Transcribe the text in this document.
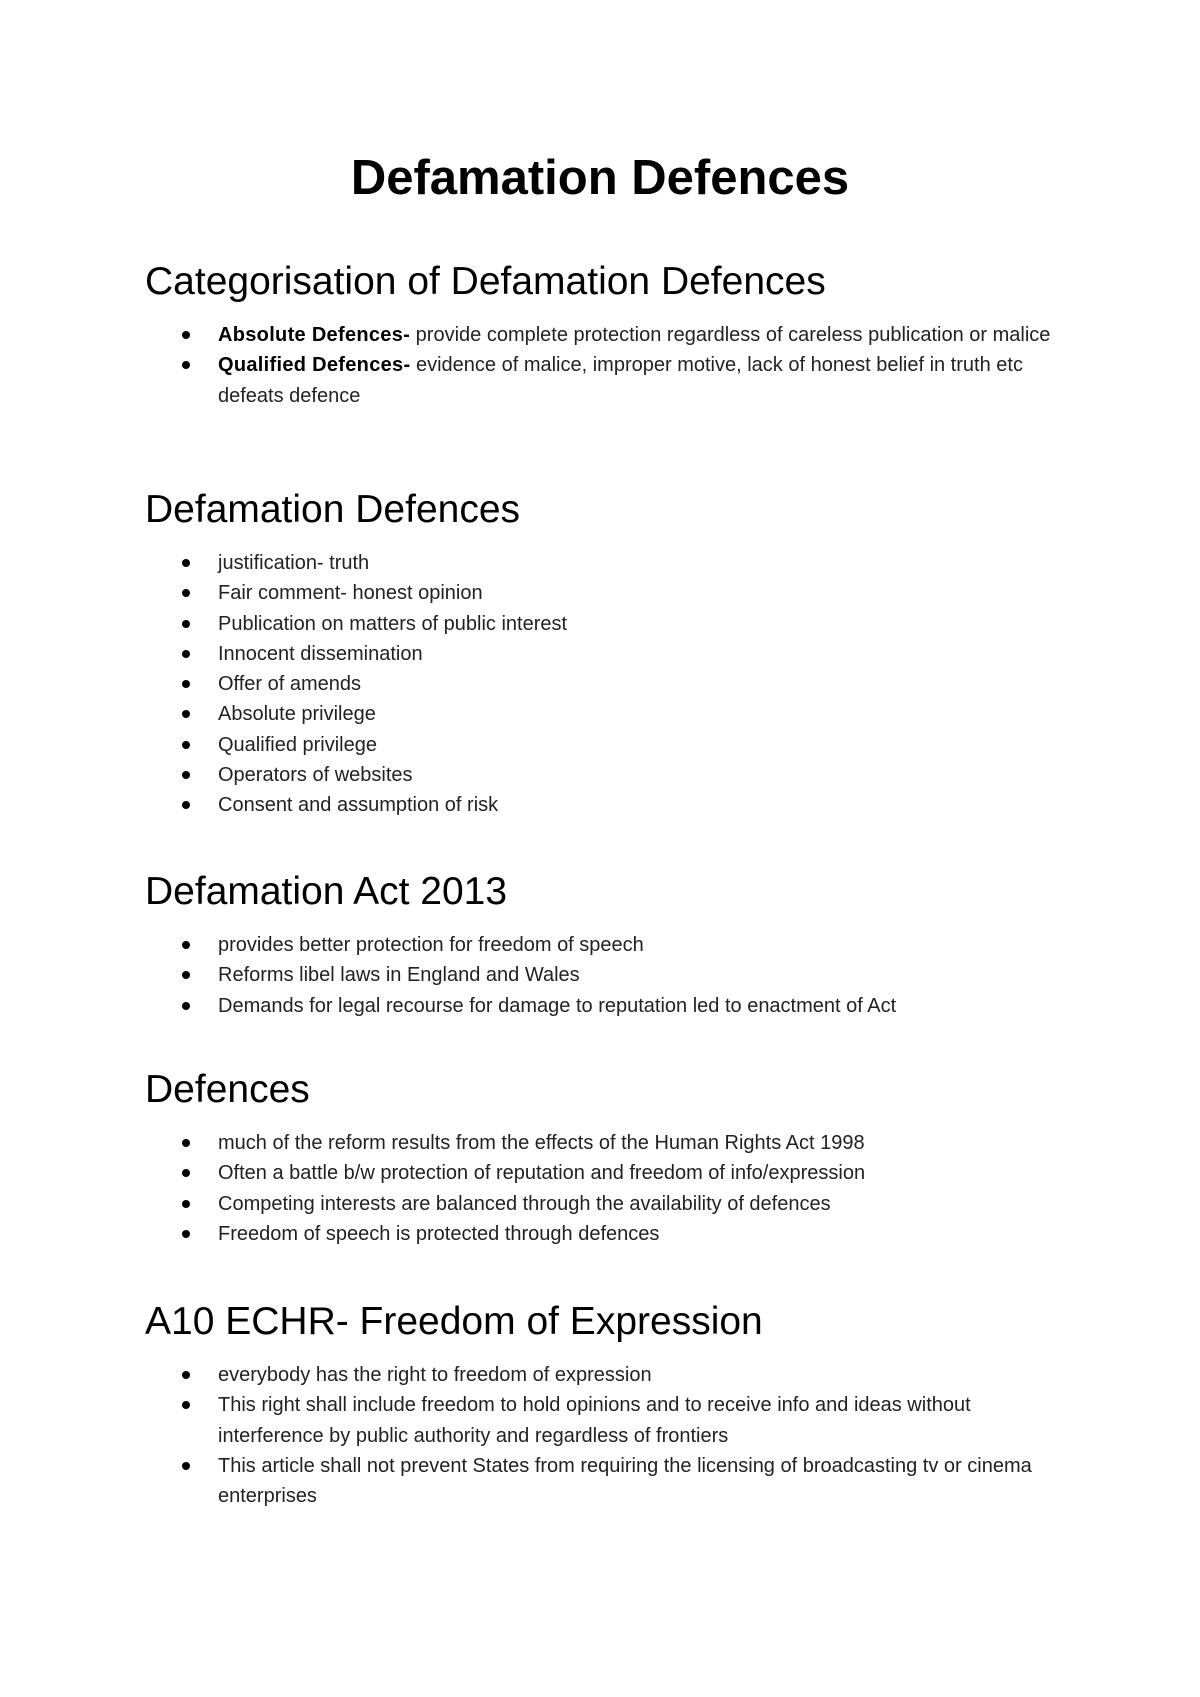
Defamation Defences
Categorisation of Defamation Defences
Absolute Defences- provide complete protection regardless of careless publication or malice
Qualified Defences- evidence of malice, improper motive, lack of honest belief in truth etc defeats defence
Defamation Defences
justification- truth
Fair comment- honest opinion
Publication on matters of public interest
Innocent dissemination
Offer of amends
Absolute privilege
Qualified privilege
Operators of websites
Consent and assumption of risk
Defamation Act 2013
provides better protection for freedom of speech
Reforms libel laws in England and Wales
Demands for legal recourse for damage to reputation led to enactment of Act
Defences
much of the reform results from the effects of the Human Rights Act 1998
Often a battle b/w protection of reputation and freedom of info/expression
Competing interests are balanced through the availability of defences
Freedom of speech is protected through defences
A10 ECHR- Freedom of Expression
everybody has the right to freedom of expression
This right shall include freedom to hold opinions and to receive info and ideas without interference by public authority and regardless of frontiers
This article shall not prevent States from requiring the licensing of broadcasting tv or cinema enterprises
